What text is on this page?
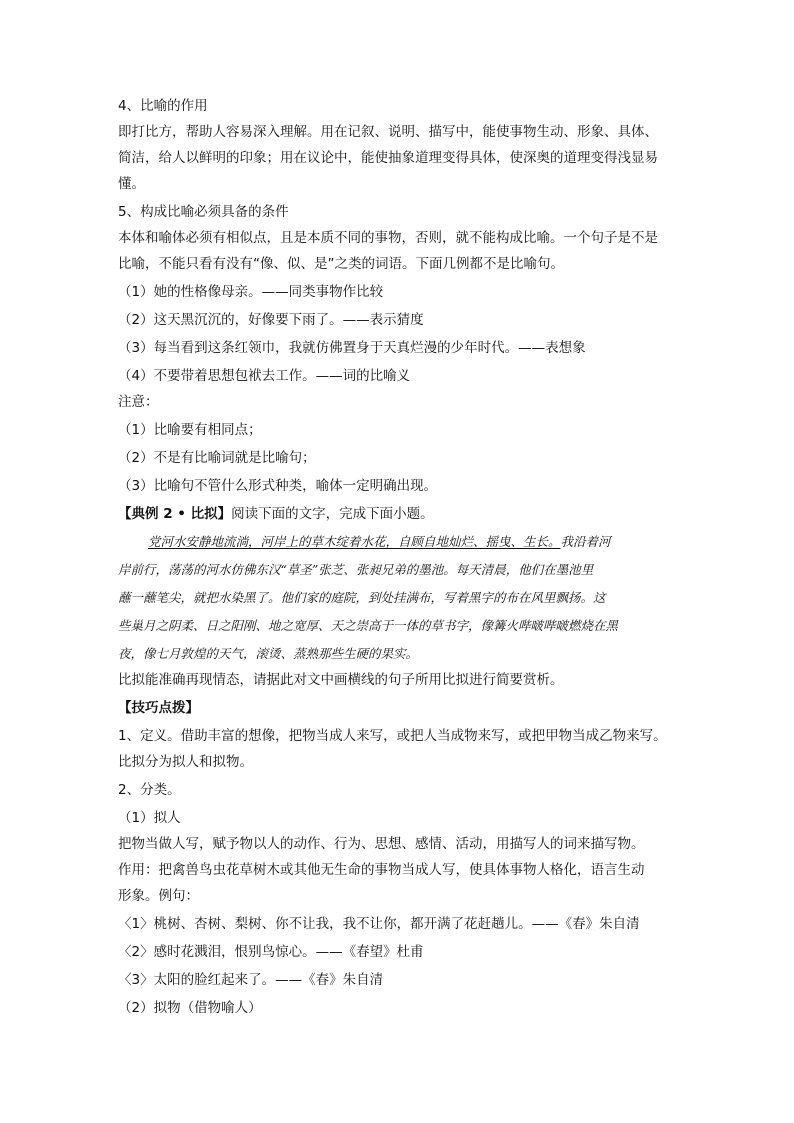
4、比喻的作用
即打比方，帮助人容易深入理解。用在记叙、说明、描写中，能使事物生动、形象、具体、
简洁，给人以鲜明的印象；用在议论中，能使抽象道理变得具体，使深奥的道理变得浅显易
懂。
5、构成比喻必须具备的条件
本体和喻体必须有相似点，且是本质不同的事物，否则，就不能构成比喻。一个句子是不是
比喻，不能只看有没有“像、似、是”之类的词语。下面几例都不是比喻句。
（1）她的性格像母亲。——同类事物作比较
（2）这天黑沉沉的，好像要下雨了。——表示猜度
（3）每当看到这条红领巾，我就仿佛置身于天真烂漫的少年时代。——表想象
（4）不要带着思想包袱去工作。——词的比喻义
注意：
（1）比喻要有相同点；
（2）不是有比喻词就是比喻句；
（3）比喻句不管什么形式种类，喻体一定明确出现。
【典例 2 • 比拟】阅读下面的文字，完成下面小题。
党河水安静地流淌，河岸上的草木绽着水花，自顾自地灿烂、摇曳、生长。我沿着河
岸前行，荡荡的河水仿佛东汉“草圣”张芝、张昶兄弟的墨池。每天清晨，他们在墨池里
蘸一蘸笔尖，就把水染黑了。他们家的庭院，到处挂满布，写着黑字的布在风里飘扬。这
些巢月之阴柔、日之阳刚、地之宽厚、天之崇高于一体的草书字，像篝火哔啵哔啵燃烧在黑
夜，像七月敦煌的天气，滚烫、蒸熟那些生硬的果实。
比拟能准确再现情态，请据此对文中画横线的句子所用比拟进行简要赏析。
【技巧点拨】
1、定义。借助丰富的想像，把物当成人来写，或把人当成物来写，或把甲物当成乙物来写。
比拟分为拟人和拟物。
2、分类。
（1）拟人
把物当做人写，赋予物以人的动作、行为、思想、感情、活动，用描写人的词来描写物。
作用：把禽兽鸟虫花草树木或其他无生命的事物当成人写，使具体事物人格化，语言生动
形象。例句：
〈1〉桃树、杏树、梨树、你不让我，我不让你，都开满了花赶趟儿。——《春》朱自清
〈2〉感时花溅泪，恨别鸟惊心。——《春望》杜甫
〈3〉太阳的脸红起来了。——《春》朱自清
（2）拟物（借物喻人）
